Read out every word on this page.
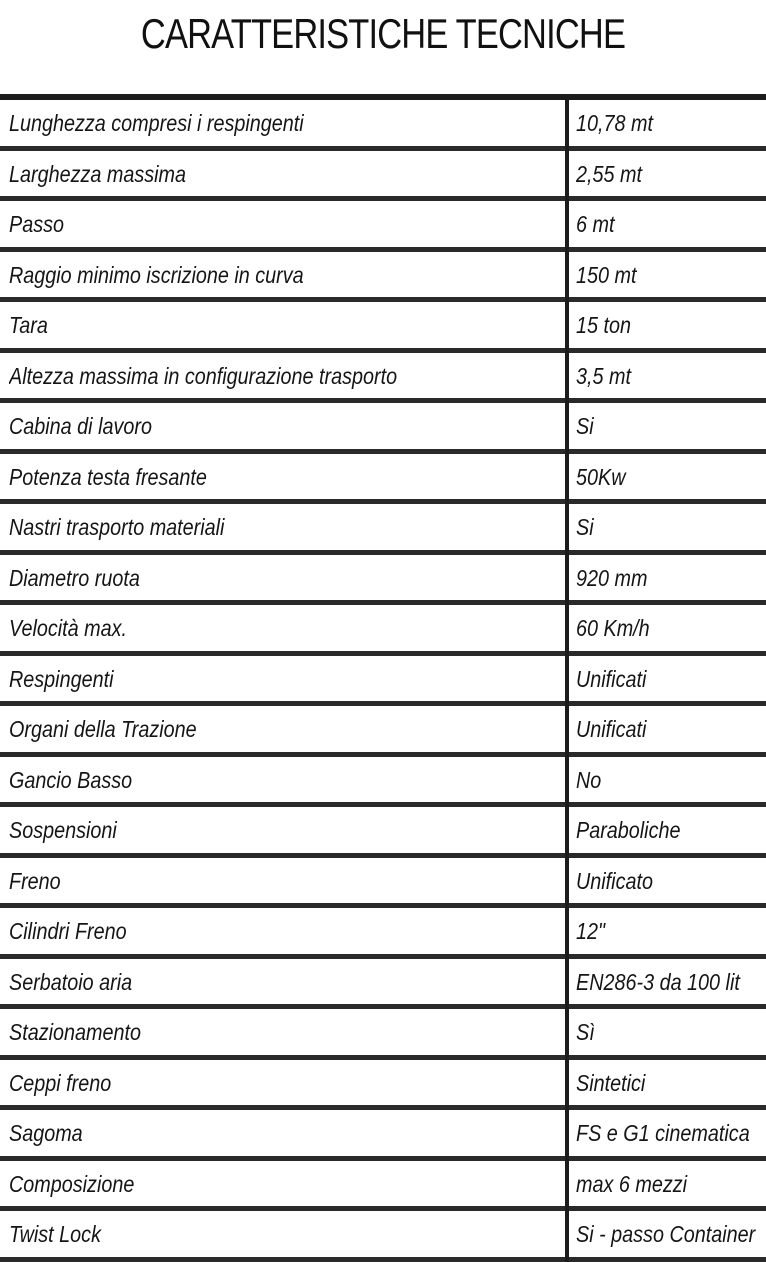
CARATTERISTICHE TECNICHE
Lunghezza compresi i respingenti	10,78 mt
Larghezza massima	2,55 mt
Passo	6 mt
Raggio minimo iscrizione in curva	150 mt
Tara	15 ton
Altezza massima in configurazione trasporto	3,5 mt
Cabina di lavoro	Si
Potenza testa fresante	50Kw
Nastri trasporto materiali	Si
Diametro ruota	920 mm
Velocità max.	60 Km/h
Respingenti	Unificati
Organi della Trazione	Unificati
Gancio Basso	No
Sospensioni	Paraboliche
Freno	Unificato
Cilindri Freno	12"
Serbatoio aria	EN286-3 da 100 lit
Stazionamento	Sì
Ceppi freno	Sintetici
Sagoma	FS e G1 cinematica
Composizione	max 6 mezzi
Twist Lock	Si - passo Container
